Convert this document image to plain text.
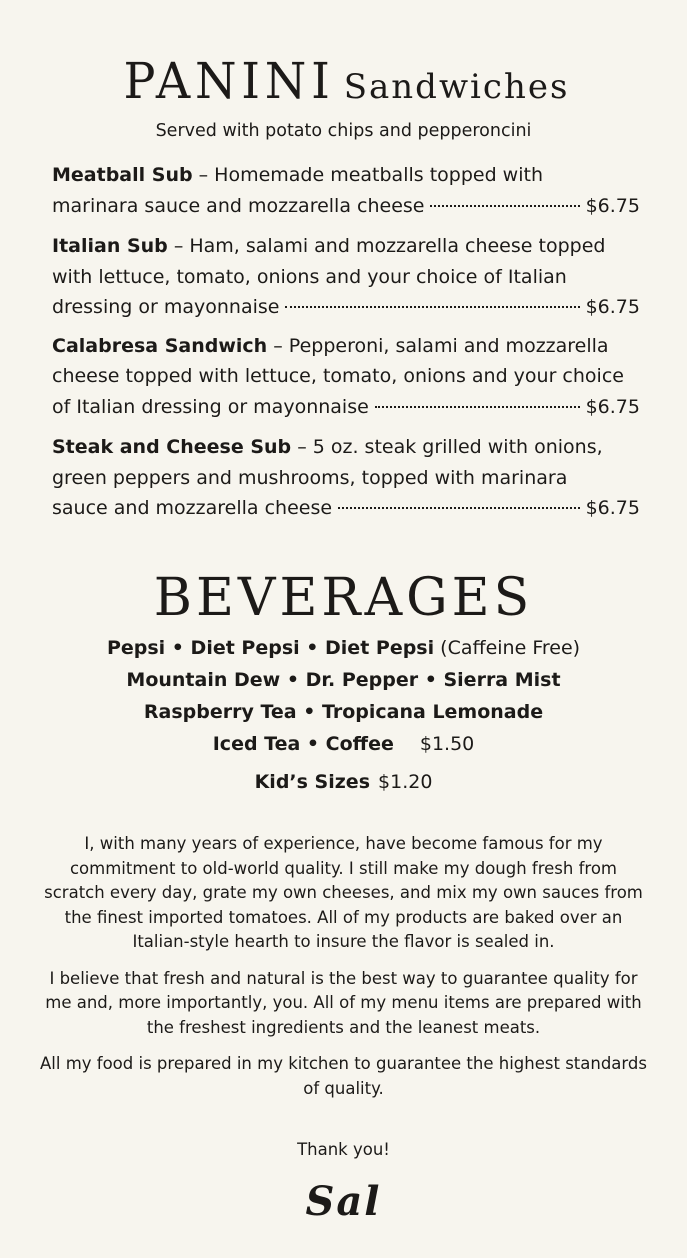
PANINI Sandwiches
Served with potato chips and pepperoncini
Meatball Sub – Homemade meatballs topped with
marinara sauce and mozzarella cheese	$6.75
Italian Sub – Ham, salami and mozzarella cheese topped with lettuce, tomato, onions and your choice of Italian
dressing or mayonnaise	$6.75
Calabresa Sandwich – Pepperoni, salami and mozzarella cheese topped with lettuce, tomato, onions and your choice
of Italian dressing or mayonnaise	$6.75
Steak and Cheese Sub – 5 oz. steak grilled with onions, green peppers and mushrooms, topped with marinara
sauce and mozzarella cheese	$6.75
BEVERAGES
Pepsi • Diet Pepsi • Diet Pepsi (Caffeine Free)
Mountain Dew • Dr. Pepper • Sierra Mist
Raspberry Tea • Tropicana Lemonade
Iced Tea • Coffee $1.50
Kid’s Sizes $1.20

I, with many years of experience, have become famous for my commitment to old-world quality. I still make my dough fresh from scratch every day, grate my own cheeses, and mix my own sauces from the finest imported tomatoes. All of my products are baked over an Italian-style hearth to insure the flavor is sealed in.

I believe that fresh and natural is the best way to guarantee quality for me and, more importantly, you. All of my menu items are prepared with the freshest ingredients and the leanest meats.

All my food is prepared in my kitchen to guarantee the highest standards of quality.

Thank you!
Sal
